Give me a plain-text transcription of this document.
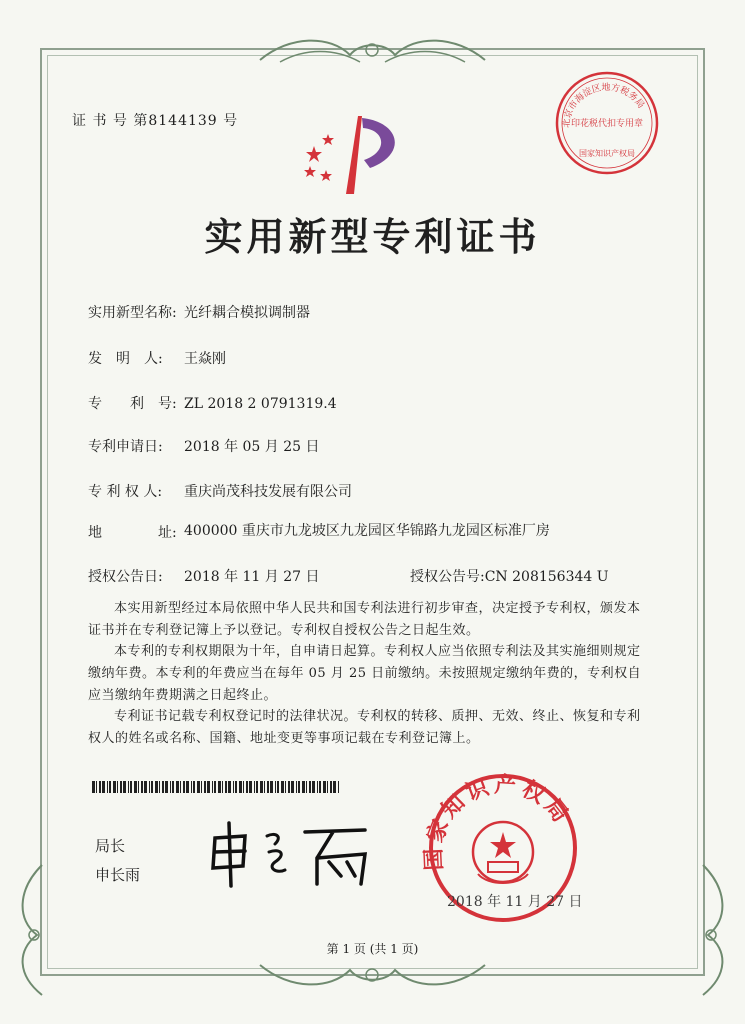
证 书 号 第8144139 号	北京市海淀区地方税务局
印花税代扣专用章
国家知识产权局
实用新型专利证书
实用新型名称: 光纤耦合模拟调制器
发　明　人: 王焱刚
专　　利　号: ZL 2018 2 0791319.4
专利申请日: 2018 年 05 月 25 日
专 利 权 人: 重庆尚茂科技发展有限公司
地　　　　址: 400000 重庆市九龙坡区九龙园区华锦路九龙园区标准厂房
授权公告日: 2018 年 11 月 27 日	授权公告号:CN 208156344 U

本实用新型经过本局依照中华人民共和国专利法进行初步审查，决定授予专利权，颁发本证书并在专利登记簿上予以登记。专利权自授权公告之日起生效。

本专利的专利权期限为十年，自申请日起算。专利权人应当依照专利法及其实施细则规定缴纳年费。本专利的年费应当在每年 05 月 25 日前缴纳。未按照规定缴纳年费的，专利权自应当缴纳年费期满之日起终止。

专利证书记载专利权登记时的法律状况。专利权的转移、质押、无效、终止、恢复和专利权人的姓名或名称、国籍、地址变更等事项记载在专利登记簿上。

局长
申长雨
国家知识产权局
2018 年 11 月 27 日
第 1 页 (共 1 页)
